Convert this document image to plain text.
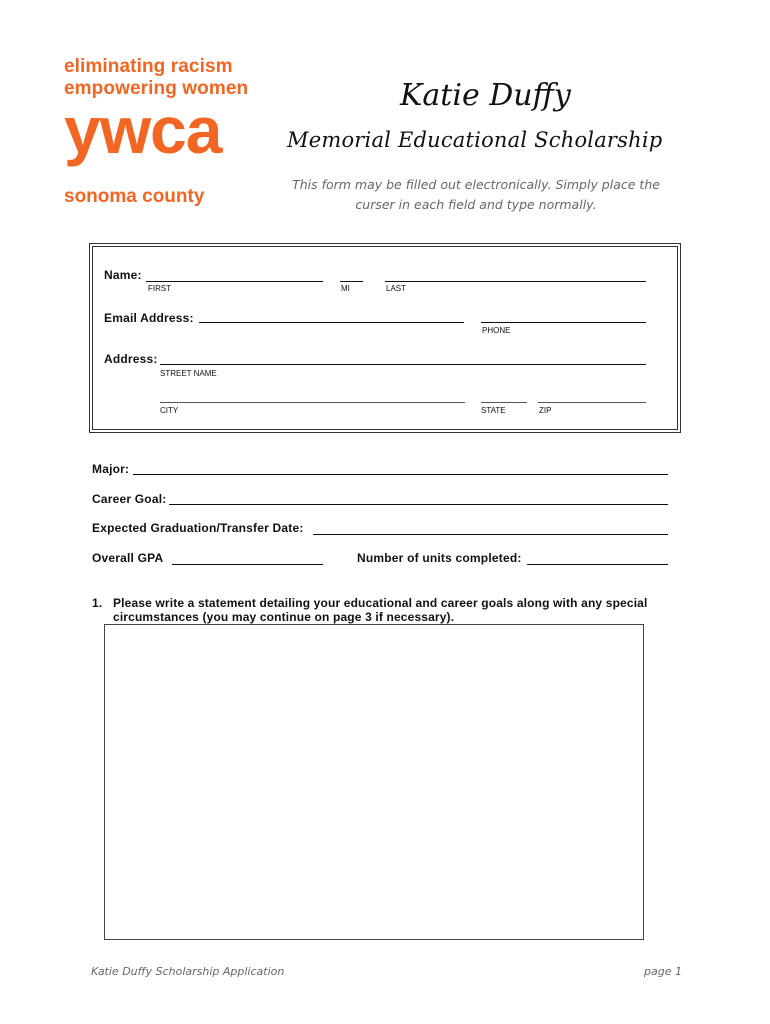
eliminating racism
empowering women
ywca
sonoma county
Katie Duffy
Memorial Educational Scholarship
This form may be filled out electronically. Simply place the curser in each field and type normally.
Name:
FIRST	MI	LAST
Email Address:
PHONE
Address:
STREET NAME
CITY	STATE	ZIP
Major:
Career Goal:
Expected Graduation/Transfer Date:
Overall GPA	Number of units completed:
1. Please write a statement detailing your educational and career goals along with any special circumstances (you may continue on page 3 if necessary).
Katie Duffy Scholarship Application	page 1
